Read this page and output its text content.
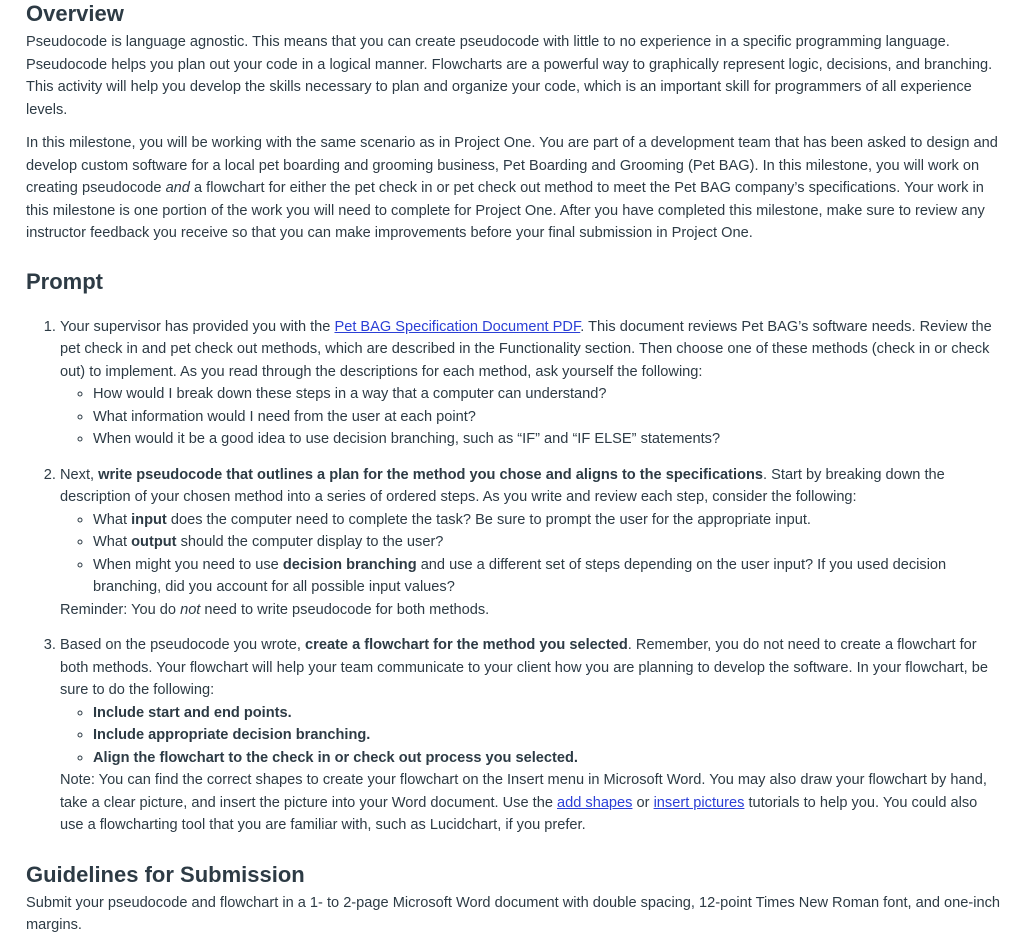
Overview

Pseudocode is language agnostic. This means that you can create pseudocode with little to no experience in a specific programming language. Pseudocode helps you plan out your code in a logical manner. Flowcharts are a powerful way to graphically represent logic, decisions, and branching. This activity will help you develop the skills necessary to plan and organize your code, which is an important skill for programmers of all experience levels.

In this milestone, you will be working with the same scenario as in Project One. You are part of a development team that has been asked to design and develop custom software for a local pet boarding and grooming business, Pet Boarding and Grooming (Pet BAG). In this milestone, you will work on creating pseudocode and a flowchart for either the pet check in or pet check out method to meet the Pet BAG company’s specifications. Your work in this milestone is one portion of the work you will need to complete for Project One. After you have completed this milestone, make sure to review any instructor feedback you receive so that you can make improvements before your final submission in Project One.

Prompt
1. Your supervisor has provided you with the Pet BAG Specification Document PDF. This document reviews Pet BAG’s software needs. Review the pet check in and pet check out methods, which are described in the Functionality section. Then choose one of these methods (check in or check out) to implement. As you read through the descriptions for each method, ask yourself the following:
◦ How would I break down these steps in a way that a computer can understand?
◦ What information would I need from the user at each point?
◦ When would it be a good idea to use decision branching, such as “IF” and “IF ELSE” statements?
2. Next, write pseudocode that outlines a plan for the method you chose and aligns to the specifications. Start by breaking down the description of your chosen method into a series of ordered steps. As you write and review each step, consider the following:
◦ What input does the computer need to complete the task? Be sure to prompt the user for the appropriate input.
◦ What output should the computer display to the user?
◦ When might you need to use decision branching and use a different set of steps depending on the user input? If you used decision branching, did you account for all possible input values?
Reminder: You do not need to write pseudocode for both methods.
3. Based on the pseudocode you wrote, create a flowchart for the method you selected. Remember, you do not need to create a flowchart for both methods. Your flowchart will help your team communicate to your client how you are planning to develop the software. In your flowchart, be sure to do the following:
◦ Include start and end points.
◦ Include appropriate decision branching.
◦ Align the flowchart to the check in or check out process you selected.
Note: You can find the correct shapes to create your flowchart on the Insert menu in Microsoft Word. You may also draw your flowchart by hand, take a clear picture, and insert the picture into your Word document. Use the add shapes or insert pictures tutorials to help you. You could also use a flowcharting tool that you are familiar with, such as Lucidchart, if you prefer.
Guidelines for Submission

Submit your pseudocode and flowchart in a 1- to 2-page Microsoft Word document with double spacing, 12-point Times New Roman font, and one-inch margins.
